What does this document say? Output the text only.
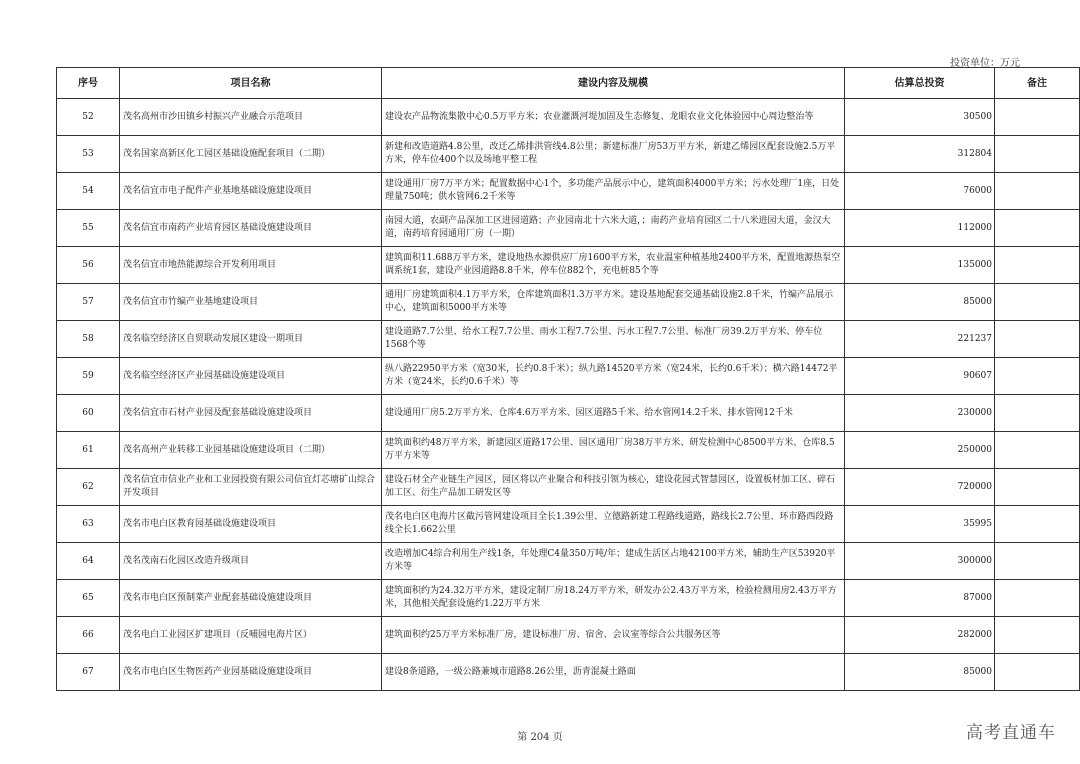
投资单位：万元
序号	项目名称	建设内容及规模	估算总投资	备注
52	茂名高州市沙田镇乡村振兴产业融合示范项目	建设农产品物流集散中心0.5万平方米；农业灌溉河堤加固及生态修复、龙眼农业文化体验园中心周边整治等	30500	
53	茂名国家高新区化工园区基础设施配套项目（二期）	新建和改造道路4.8公里，改迁乙烯排洪管线4.8公里；新建标准厂房53万平方米，新建乙烯园区配套设施2.5万平方米，停车位400个以及场地平整工程	312804	
54	茂名信宜市电子配件产业基地基础设施建设项目	建设通用厂房7万平方米；配置数据中心1个，多功能产品展示中心，建筑面积4000平方米；污水处理厂1座，日处理量750吨；供水管网6.2千米等	76000	
55	茂名信宜市南药产业培育园区基础设施建设项目	南园大道，农副产品深加工区进园道路；产业园南北十六米大道，；南药产业培育园区二十八米进园大道，金汉大道，南药培育园通用厂房（一期）	112000	
56	茂名信宜市地热能源综合开发利用项目	建筑面积11.688万平方米，建设地热水源供应厂房1600平方米，农业温室种植基地2400平方米，配置地源热泵空调系统1套，建设产业园道路8.8千米，停车位882个，充电桩85个等	135000	
57	茂名信宜市竹编产业基地建设项目	通用厂房建筑面积4.1万平方米，仓库建筑面积1.3万平方米。建设基地配套交通基础设施2.8千米，竹编产品展示中心，建筑面积5000平方米等	85000	
58	茂名临空经济区自贸联动发展区建设一期项目	建设道路7.7公里、给水工程7.7公里、雨水工程7.7公里、污水工程7.7公里、标准厂房39.2万平方米、停车位1568个等	221237	
59	茂名临空经济区产业园基础设施建设项目	纵八路22950平方米（宽30米，长约0.8千米）；纵九路14520平方米（宽24米，长约0.6千米）；横六路14472平方米（宽24米，长约0.6千米）等	90607	
60	茂名信宜市石材产业园及配套基础设施建设项目	建设通用厂房5.2万平方米、仓库4.6万平方米、园区道路5千米、给水管网14.2千米、排水管网12千米	230000	
61	茂名高州产业转移工业园基础设施建设项目（二期）	建筑面积约48万平方米，新建园区道路17公里、园区通用厂房38万平方米、研发检测中心8500平方米、仓库8.5万平方米等	250000	
62	茂名信宜市信业产业和工业园投资有限公司信宜灯芯塘矿山综合开发项目	建设石材全产业链生产园区，园区将以产业聚合和科技引领为核心，建设花园式智慧园区，设置板材加工区、碎石加工区、衍生产品加工研发区等	720000	
63	茂名市电白区教育园基础设施建设项目	茂名电白区电海片区截污管网建设项目全长1.39公里、立德路新建工程路线道路，路线长2.7公里、环市路西段路线全长1.662公里	35995	
64	茂名茂南石化园区改造升级项目	改造增加C4综合利用生产线1条，年处理C4量350万吨/年；建成生活区占地42100平方米，辅助生产区53920平方米等	300000	
65	茂名市电白区预制菜产业配套基础设施建设项目	建筑面积约为24.32万平方米，建设定制厂房18.24万平方米，研发办公2.43万平方米，检验检测用房2.43万平方米，其他相关配套设施约1.22万平方米	87000	
66	茂名电白工业园区扩建项目（反哺园电海片区）	建筑面积约25万平方米标准厂房，建设标准厂房、宿舍、会议室等综合公共服务区等	282000	
67	茂名市电白区生物医药产业园基础设施建设项目	建设8条道路，一级公路兼城市道路8.26公里，沥青混凝土路面	85000	
第 204 页	高考直通车
